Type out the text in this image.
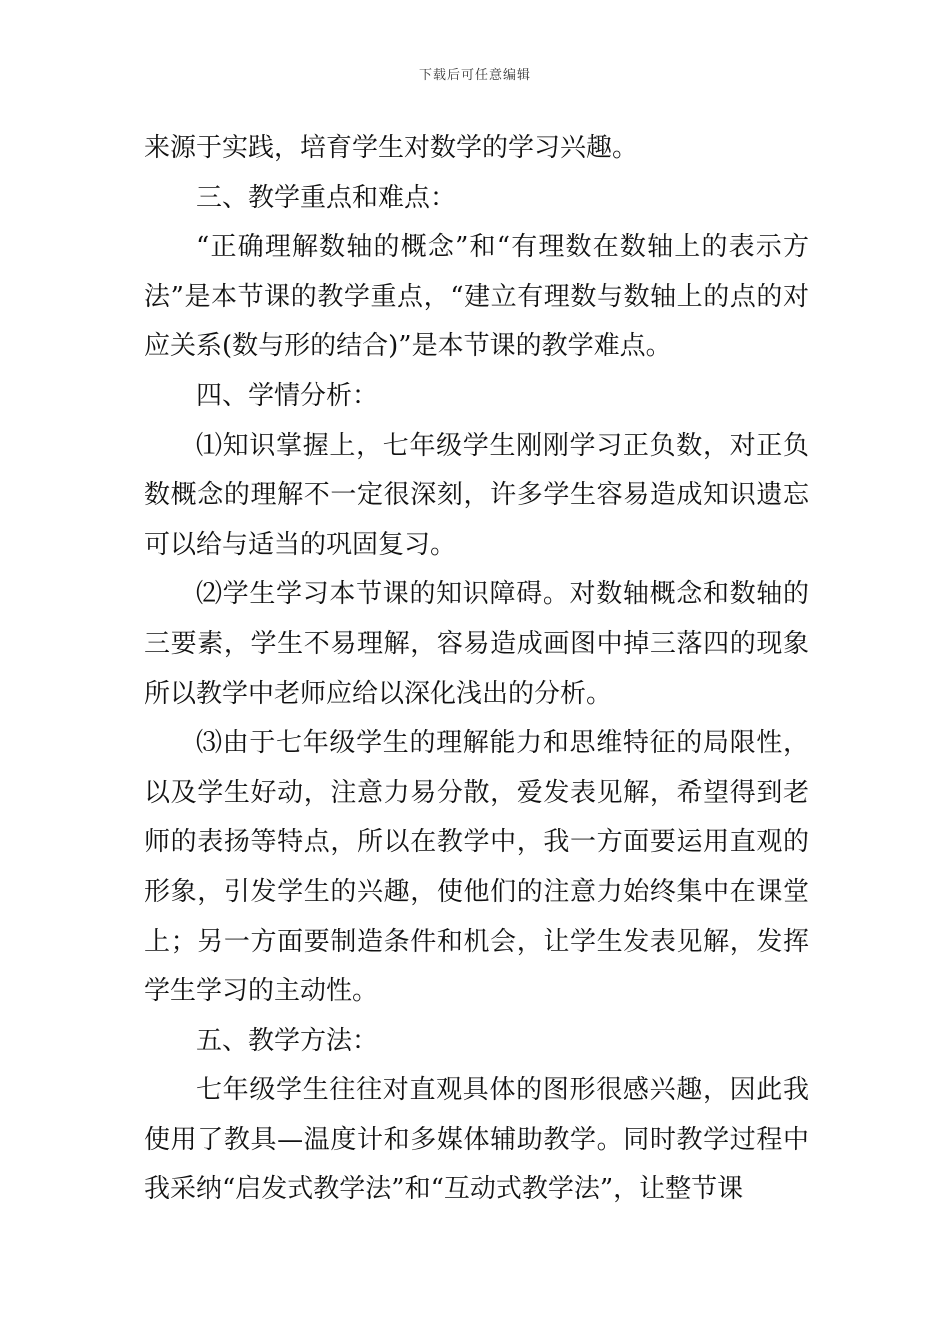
下载后可任意编辑

来源于实践，培育学生对数学的学习兴趣。

三、教学重点和难点：

“正确理解数轴的概念”和“有理数在数轴上的表示方法”是本节课的教学重点，“建立有理数与数轴上的点的对应关系(数与形的结合)”是本节课的教学难点。

四、学情分析：

⑴知识掌握上，七年级学生刚刚学习正负数，对正负数概念的理解不一定很深刻，许多学生容易造成知识遗忘可以给与适当的巩固复习。

⑵学生学习本节课的知识障碍。对数轴概念和数轴的三要素，学生不易理解，容易造成画图中掉三落四的现象所以教学中老师应给以深化浅出的分析。

⑶由于七年级学生的理解能力和思维特征的局限性，以及学生好动，注意力易分散，爱发表见解，希望得到老师的表扬等特点，所以在教学中，我一方面要运用直观的形象，引发学生的兴趣，使他们的注意力始终集中在课堂上；另一方面要制造条件和机会，让学生发表见解，发挥学生学习的主动性。

五、教学方法：

七年级学生往往对直观具体的图形很感兴趣，因此我使用了教具—温度计和多媒体辅助教学。同时教学过程中我采纳“启发式教学法”和“互动式教学法”，让整节课
